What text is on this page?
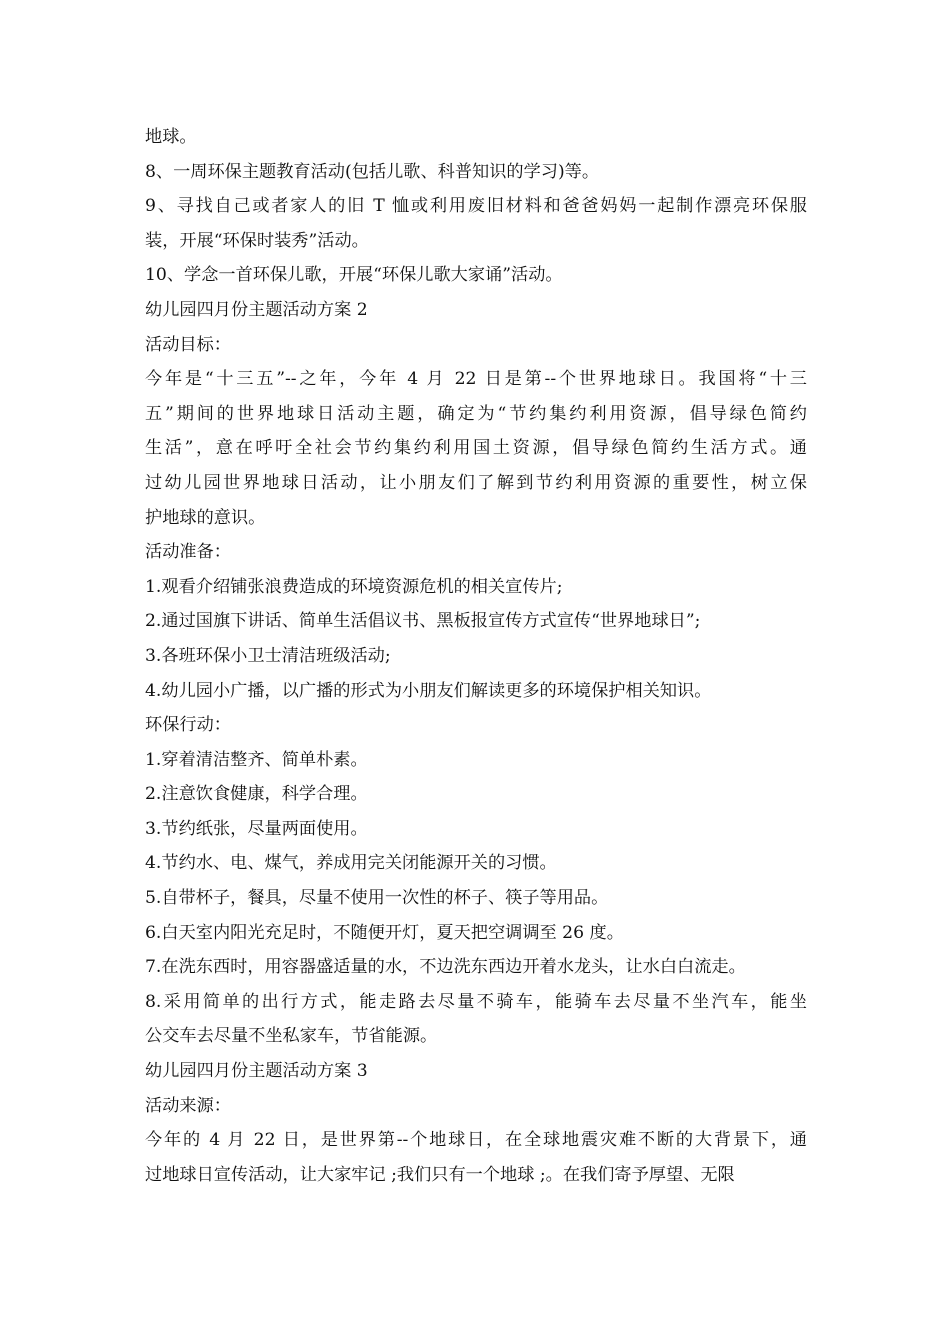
地球。
8、一周环保主题教育活动(包括儿歌、科普知识的学习)等。
9、寻找自己或者家人的旧 T 恤或利用废旧材料和爸爸妈妈一起制作漂亮环保服
装，开展“环保时装秀”活动。
10、学念一首环保儿歌，开展“环保儿歌大家诵”活动。
幼儿园四月份主题活动方案 2
活动目标：
今年是“十三五”--之年，今年 4 月 22 日是第--个世界地球日。我国将“十三
五”期间的世界地球日活动主题，确定为“节约集约利用资源，倡导绿色简约
生活”，意在呼吁全社会节约集约利用国土资源，倡导绿色简约生活方式。通
过幼儿园世界地球日活动，让小朋友们了解到节约利用资源的重要性，树立保
护地球的意识。
活动准备：
1.观看介绍铺张浪费造成的环境资源危机的相关宣传片;
2.通过国旗下讲话、简单生活倡议书、黑板报宣传方式宣传“世界地球日”;
3.各班环保小卫士清洁班级活动;
4.幼儿园小广播，以广播的形式为小朋友们解读更多的环境保护相关知识。
环保行动：
1.穿着清洁整齐、简单朴素。
2.注意饮食健康，科学合理。
3.节约纸张，尽量两面使用。
4.节约水、电、煤气，养成用完关闭能源开关的习惯。
5.自带杯子，餐具，尽量不使用一次性的杯子、筷子等用品。
6.白天室内阳光充足时，不随便开灯，夏天把空调调至 26 度。
7.在洗东西时，用容器盛适量的水，不边洗东西边开着水龙头，让水白白流走。
8.采用简单的出行方式，能走路去尽量不骑车，能骑车去尽量不坐汽车，能坐
公交车去尽量不坐私家车，节省能源。
幼儿园四月份主题活动方案 3
活动来源：
今年的 4 月 22 日，是世界第--个地球日，在全球地震灾难不断的大背景下，通
过地球日宣传活动，让大家牢记 ;我们只有一个地球 ;。在我们寄予厚望、无限
